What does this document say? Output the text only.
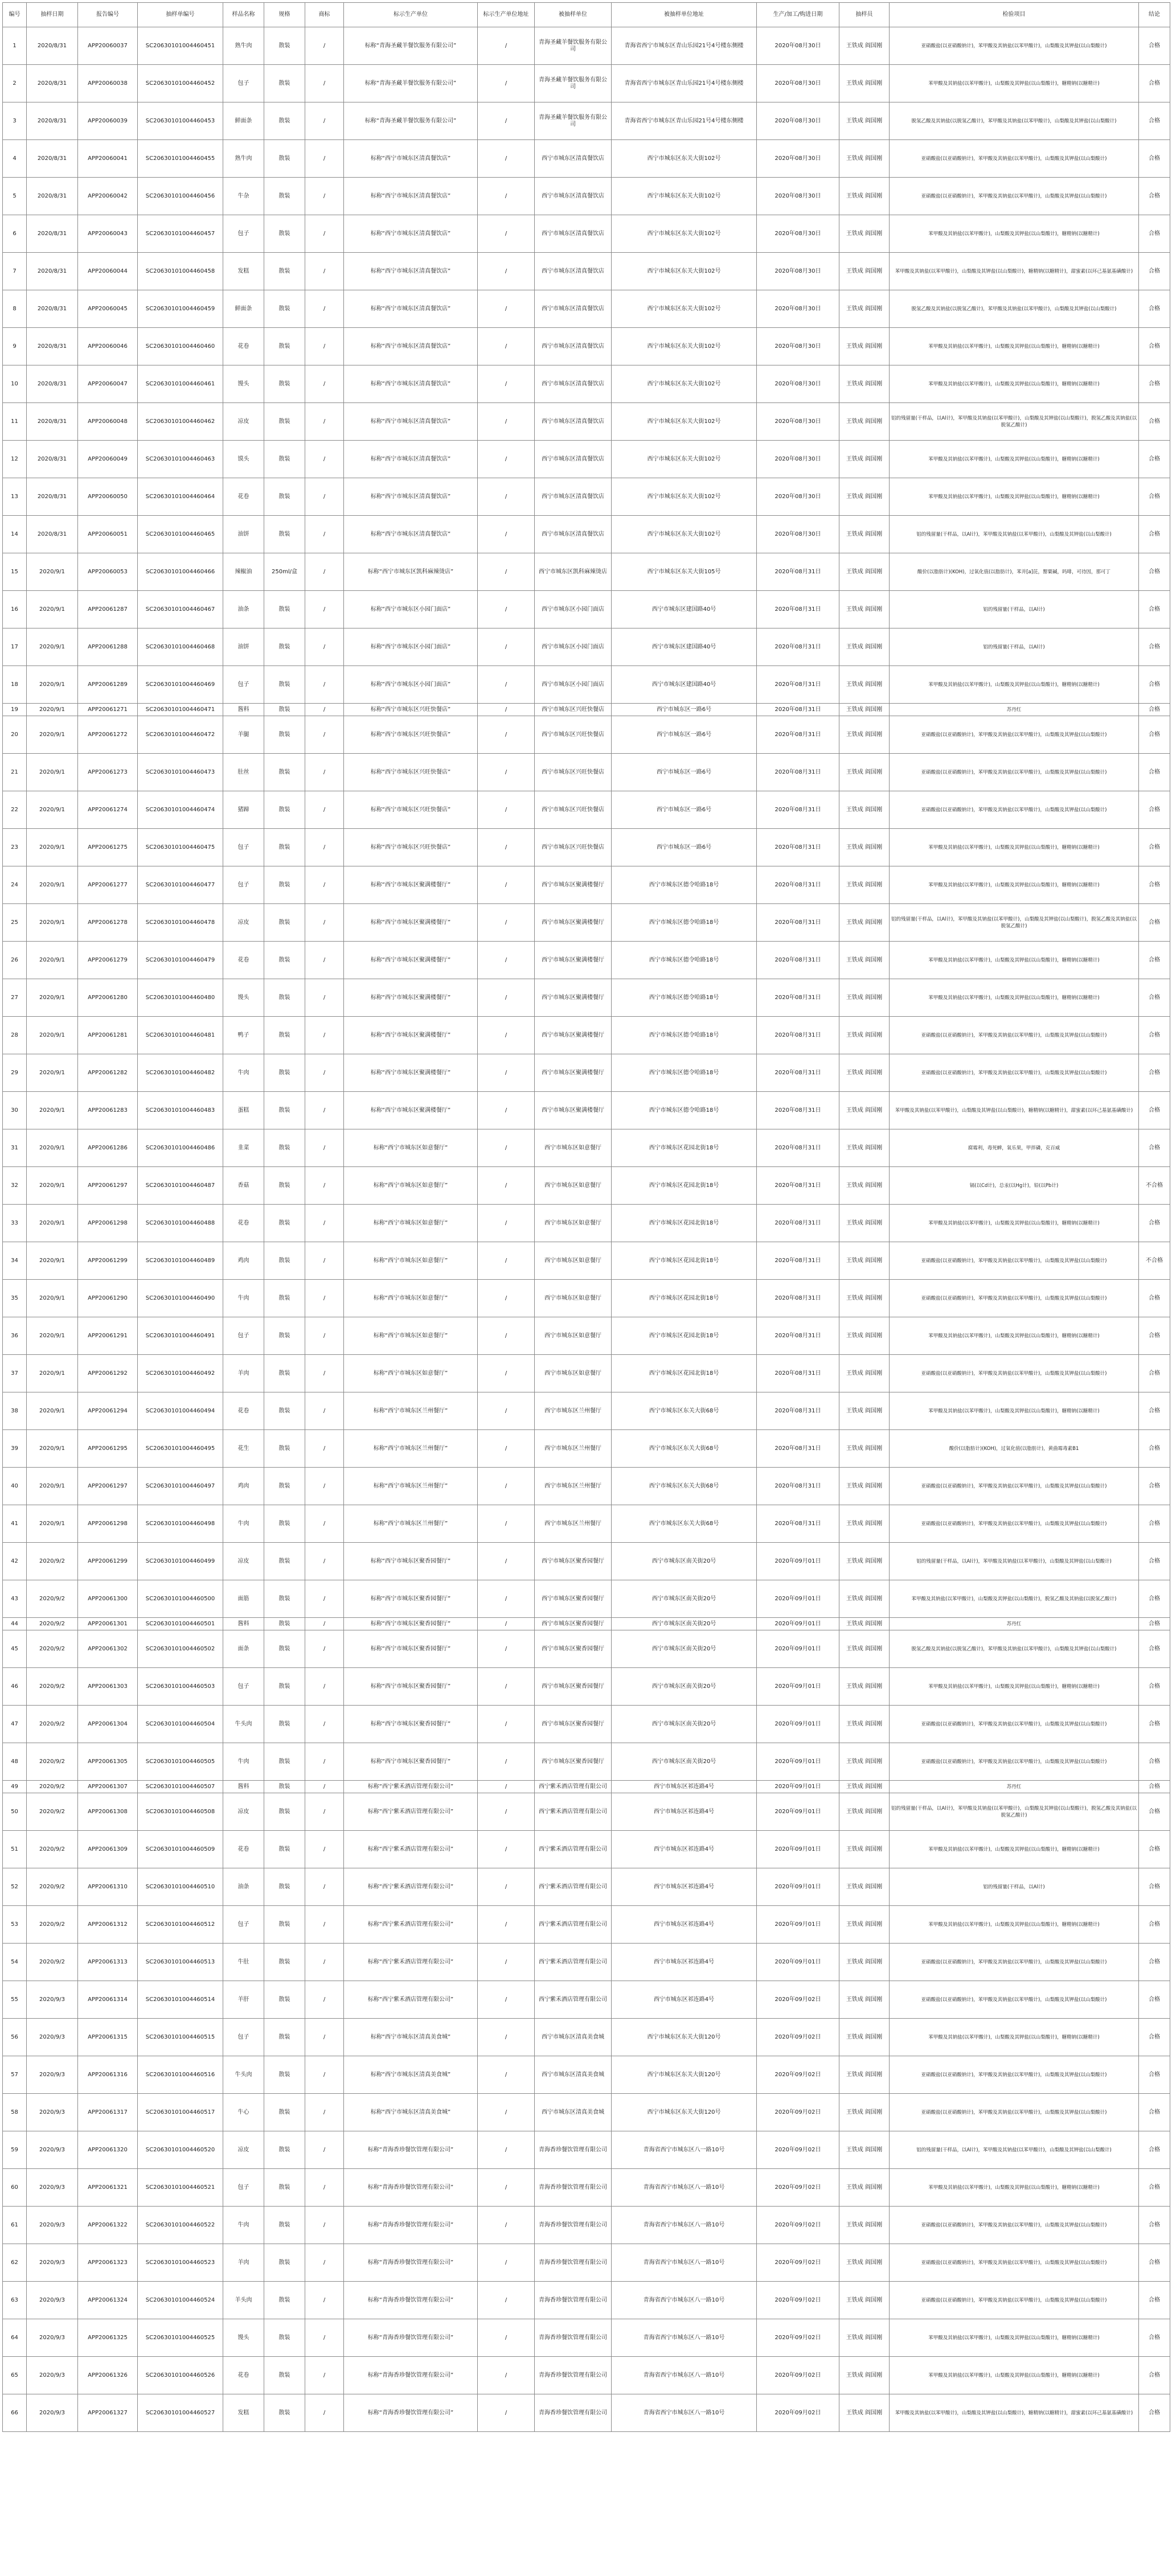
编号	抽样日期	报告编号	抽样单编号	样品名称	规格	商标	标示生产单位	标示生产单位地址	被抽样单位	被抽样单位地址	生产/加工/购进日期	抽样员	检验项目	结论
1	2020/8/31	APP20060037	SC20630101004460451	熟牛肉	散装	/	标称“青海圣藏羊餐饮服务有限公司”	/	青海圣藏羊餐饮服务有限公司	青海省西宁市城东区青山乐园21号4号楼东侧楼	2020年08月30日	王铁成 阎国刚	亚硝酸盐(以亚硝酸钠计)，苯甲酸及其钠盐(以苯甲酸计)，山梨酸及其钾盐(以山梨酸计)	合格
2	2020/8/31	APP20060038	SC20630101004460452	包子	散装	/	标称“青海圣藏羊餐饮服务有限公司”	/	青海圣藏羊餐饮服务有限公司	青海省西宁市城东区青山乐园21号4号楼东侧楼	2020年08月30日	王铁成 阎国刚	苯甲酸及其钠盐(以苯甲酸计)，山梨酸及其钾盐(以山梨酸计)，糖精钠(以糖精计)	合格
3	2020/8/31	APP20060039	SC20630101004460453	鲜面条	散装	/	标称“青海圣藏羊餐饮服务有限公司”	/	青海圣藏羊餐饮服务有限公司	青海省西宁市城东区青山乐园21号4号楼东侧楼	2020年08月30日	王铁成 阎国刚	脱氢乙酸及其钠盐(以脱氢乙酸计)，苯甲酸及其钠盐(以苯甲酸计)，山梨酸及其钾盐(以山梨酸计)	合格
4	2020/8/31	APP20060041	SC20630101004460455	熟牛肉	散装	/	标称“西宁市城东区清真餐饮店”	/	西宁市城东区清真餐饮店	西宁市城东区东关大街102号	2020年08月30日	王铁成 阎国刚	亚硝酸盐(以亚硝酸钠计)，苯甲酸及其钠盐(以苯甲酸计)，山梨酸及其钾盐(以山梨酸计)	合格
5	2020/8/31	APP20060042	SC20630101004460456	牛杂	散装	/	标称“西宁市城东区清真餐饮店”	/	西宁市城东区清真餐饮店	西宁市城东区东关大街102号	2020年08月30日	王铁成 阎国刚	亚硝酸盐(以亚硝酸钠计)，苯甲酸及其钠盐(以苯甲酸计)，山梨酸及其钾盐(以山梨酸计)	合格
6	2020/8/31	APP20060043	SC20630101004460457	包子	散装	/	标称“西宁市城东区清真餐饮店”	/	西宁市城东区清真餐饮店	西宁市城东区东关大街102号	2020年08月30日	王铁成 阎国刚	苯甲酸及其钠盐(以苯甲酸计)，山梨酸及其钾盐(以山梨酸计)，糖精钠(以糖精计)	合格
7	2020/8/31	APP20060044	SC20630101004460458	发糕	散装	/	标称“西宁市城东区清真餐饮店”	/	西宁市城东区清真餐饮店	西宁市城东区东关大街102号	2020年08月30日	王铁成 阎国刚	苯甲酸及其钠盐(以苯甲酸计)，山梨酸及其钾盐(以山梨酸计)，糖精钠(以糖精计)，甜蜜素(以环己基氨基磺酸计)	合格
8	2020/8/31	APP20060045	SC20630101004460459	鲜面条	散装	/	标称“西宁市城东区清真餐饮店”	/	西宁市城东区清真餐饮店	西宁市城东区东关大街102号	2020年08月30日	王铁成 阎国刚	脱氢乙酸及其钠盐(以脱氢乙酸计)，苯甲酸及其钠盐(以苯甲酸计)，山梨酸及其钾盐(以山梨酸计)	合格
9	2020/8/31	APP20060046	SC20630101004460460	花卷	散装	/	标称“西宁市城东区清真餐饮店”	/	西宁市城东区清真餐饮店	西宁市城东区东关大街102号	2020年08月30日	王铁成 阎国刚	苯甲酸及其钠盐(以苯甲酸计)，山梨酸及其钾盐(以山梨酸计)，糖精钠(以糖精计)	合格
10	2020/8/31	APP20060047	SC20630101004460461	馒头	散装	/	标称“西宁市城东区清真餐饮店”	/	西宁市城东区清真餐饮店	西宁市城东区东关大街102号	2020年08月30日	王铁成 阎国刚	苯甲酸及其钠盐(以苯甲酸计)，山梨酸及其钾盐(以山梨酸计)，糖精钠(以糖精计)	合格
11	2020/8/31	APP20060048	SC20630101004460462	凉皮	散装	/	标称“西宁市城东区清真餐饮店”	/	西宁市城东区清真餐饮店	西宁市城东区东关大街102号	2020年08月30日	王铁成 阎国刚	铝的残留量(干样品，以Al计)，苯甲酸及其钠盐(以苯甲酸计)，山梨酸及其钾盐(以山梨酸计)，脱氢乙酸及其钠盐(以脱氢乙酸计)	合格
12	2020/8/31	APP20060049	SC20630101004460463	馍头	散装	/	标称“西宁市城东区清真餐饮店”	/	西宁市城东区清真餐饮店	西宁市城东区东关大街102号	2020年08月30日	王铁成 阎国刚	苯甲酸及其钠盐(以苯甲酸计)，山梨酸及其钾盐(以山梨酸计)，糖精钠(以糖精计)	合格
13	2020/8/31	APP20060050	SC20630101004460464	花卷	散装	/	标称“西宁市城东区清真餐饮店”	/	西宁市城东区清真餐饮店	西宁市城东区东关大街102号	2020年08月30日	王铁成 阎国刚	苯甲酸及其钠盐(以苯甲酸计)，山梨酸及其钾盐(以山梨酸计)，糖精钠(以糖精计)	合格
14	2020/8/31	APP20060051	SC20630101004460465	油饼	散装	/	标称“西宁市城东区清真餐饮店”	/	西宁市城东区清真餐饮店	西宁市城东区东关大街102号	2020年08月30日	王铁成 阎国刚	铝的残留量(干样品，以Al计)，苯甲酸及其钠盐(以苯甲酸计)，山梨酸及其钾盐(以山梨酸计)	合格
15	2020/9/1	APP20060053	SC20630101004460466	辣椒油	250ml/盒	/	标称“西宁市城东区凯科麻辣烫店”	/	西宁市城东区凯科麻辣烫店	西宁市城东区东关大街105号	2020年08月31日	王铁成 阎国刚	酸价(以脂肪计)(KOH)，过氧化值(以脂肪计)，苯并[a]芘，罂粟碱，吗啡，可待因，那可丁	合格
16	2020/9/1	APP20061287	SC20630101004460467	油条	散装	/	标称“西宁市城东区小园门面店”	/	西宁市城东区小园门面店	西宁市城东区建国路40号	2020年08月31日	王铁成 阎国刚	铝的残留量(干样品，以Al计)	合格
17	2020/9/1	APP20061288	SC20630101004460468	油饼	散装	/	标称“西宁市城东区小园门面店”	/	西宁市城东区小园门面店	西宁市城东区建国路40号	2020年08月31日	王铁成 阎国刚	铝的残留量(干样品，以Al计)	合格
18	2020/9/1	APP20061289	SC20630101004460469	包子	散装	/	标称“西宁市城东区小园门面店”	/	西宁市城东区小园门面店	西宁市城东区建国路40号	2020年08月31日	王铁成 阎国刚	苯甲酸及其钠盐(以苯甲酸计)，山梨酸及其钾盐(以山梨酸计)，糖精钠(以糖精计)	合格
19	2020/9/1	APP20061271	SC20630101004460471	酱料	散装	/	标称“西宁市城东区兴旺快餐店”	/	西宁市城东区兴旺快餐店	西宁市城东区一路6号	2020年08月31日	王铁成 阎国刚	苏丹红	合格
20	2020/9/1	APP20061272	SC20630101004460472	羊腿	散装	/	标称“西宁市城东区兴旺快餐店”	/	西宁市城东区兴旺快餐店	西宁市城东区一路6号	2020年08月31日	王铁成 阎国刚	亚硝酸盐(以亚硝酸钠计)，苯甲酸及其钠盐(以苯甲酸计)，山梨酸及其钾盐(以山梨酸计)	合格
21	2020/9/1	APP20061273	SC20630101004460473	肚丝	散装	/	标称“西宁市城东区兴旺快餐店”	/	西宁市城东区兴旺快餐店	西宁市城东区一路6号	2020年08月31日	王铁成 阎国刚	亚硝酸盐(以亚硝酸钠计)，苯甲酸及其钠盐(以苯甲酸计)，山梨酸及其钾盐(以山梨酸计)	合格
22	2020/9/1	APP20061274	SC20630101004460474	猪蹄	散装	/	标称“西宁市城东区兴旺快餐店”	/	西宁市城东区兴旺快餐店	西宁市城东区一路6号	2020年08月31日	王铁成 阎国刚	亚硝酸盐(以亚硝酸钠计)，苯甲酸及其钠盐(以苯甲酸计)，山梨酸及其钾盐(以山梨酸计)	合格
23	2020/9/1	APP20061275	SC20630101004460475	包子	散装	/	标称“西宁市城东区兴旺快餐店”	/	西宁市城东区兴旺快餐店	西宁市城东区一路6号	2020年08月31日	王铁成 阎国刚	苯甲酸及其钠盐(以苯甲酸计)，山梨酸及其钾盐(以山梨酸计)，糖精钠(以糖精计)	合格
24	2020/9/1	APP20061277	SC20630101004460477	包子	散装	/	标称“西宁市城东区聚满楼餐厅”	/	西宁市城东区聚满楼餐厅	西宁市城东区德令哈路18号	2020年08月31日	王铁成 阎国刚	苯甲酸及其钠盐(以苯甲酸计)，山梨酸及其钾盐(以山梨酸计)，糖精钠(以糖精计)	合格
25	2020/9/1	APP20061278	SC20630101004460478	凉皮	散装	/	标称“西宁市城东区聚满楼餐厅”	/	西宁市城东区聚满楼餐厅	西宁市城东区德令哈路18号	2020年08月31日	王铁成 阎国刚	铝的残留量(干样品，以Al计)，苯甲酸及其钠盐(以苯甲酸计)，山梨酸及其钾盐(以山梨酸计)，脱氢乙酸及其钠盐(以脱氢乙酸计)	合格
26	2020/9/1	APP20061279	SC20630101004460479	花卷	散装	/	标称“西宁市城东区聚满楼餐厅”	/	西宁市城东区聚满楼餐厅	西宁市城东区德令哈路18号	2020年08月31日	王铁成 阎国刚	苯甲酸及其钠盐(以苯甲酸计)，山梨酸及其钾盐(以山梨酸计)，糖精钠(以糖精计)	合格
27	2020/9/1	APP20061280	SC20630101004460480	馒头	散装	/	标称“西宁市城东区聚满楼餐厅”	/	西宁市城东区聚满楼餐厅	西宁市城东区德令哈路18号	2020年08月31日	王铁成 阎国刚	苯甲酸及其钠盐(以苯甲酸计)，山梨酸及其钾盐(以山梨酸计)，糖精钠(以糖精计)	合格
28	2020/9/1	APP20061281	SC20630101004460481	鸭子	散装	/	标称“西宁市城东区聚满楼餐厅”	/	西宁市城东区聚满楼餐厅	西宁市城东区德令哈路18号	2020年08月31日	王铁成 阎国刚	亚硝酸盐(以亚硝酸钠计)，苯甲酸及其钠盐(以苯甲酸计)，山梨酸及其钾盐(以山梨酸计)	合格
29	2020/9/1	APP20061282	SC20630101004460482	牛肉	散装	/	标称“西宁市城东区聚满楼餐厅”	/	西宁市城东区聚满楼餐厅	西宁市城东区德令哈路18号	2020年08月31日	王铁成 阎国刚	亚硝酸盐(以亚硝酸钠计)，苯甲酸及其钠盐(以苯甲酸计)，山梨酸及其钾盐(以山梨酸计)	合格
30	2020/9/1	APP20061283	SC20630101004460483	蛋糕	散装	/	标称“西宁市城东区聚满楼餐厅”	/	西宁市城东区聚满楼餐厅	西宁市城东区德令哈路18号	2020年08月31日	王铁成 阎国刚	苯甲酸及其钠盐(以苯甲酸计)，山梨酸及其钾盐(以山梨酸计)，糖精钠(以糖精计)，甜蜜素(以环己基氨基磺酸计)	合格
31	2020/9/1	APP20061286	SC20630101004460486	韭菜	散装	/	标称“西宁市城东区如意餐厅”	/	西宁市城东区如意餐厅	西宁市城东区花园北街18号	2020年08月31日	王铁成 阎国刚	腐霉利，毒死蜱，氧乐果，甲拌磷，克百威	合格
32	2020/9/1	APP20061297	SC20630101004460487	香菇	散装	/	标称“西宁市城东区如意餐厅”	/	西宁市城东区如意餐厅	西宁市城东区花园北街18号	2020年08月31日	王铁成 阎国刚	镉(以Cd计)，总汞(以Hg计)，铅(以Pb计)	不合格
33	2020/9/1	APP20061298	SC20630101004460488	花卷	散装	/	标称“西宁市城东区如意餐厅”	/	西宁市城东区如意餐厅	西宁市城东区花园北街18号	2020年08月31日	王铁成 阎国刚	苯甲酸及其钠盐(以苯甲酸计)，山梨酸及其钾盐(以山梨酸计)，糖精钠(以糖精计)	合格
34	2020/9/1	APP20061299	SC20630101004460489	鸡肉	散装	/	标称“西宁市城东区如意餐厅”	/	西宁市城东区如意餐厅	西宁市城东区花园北街18号	2020年08月31日	王铁成 阎国刚	亚硝酸盐(以亚硝酸钠计)，苯甲酸及其钠盐(以苯甲酸计)，山梨酸及其钾盐(以山梨酸计)	不合格
35	2020/9/1	APP20061290	SC20630101004460490	牛肉	散装	/	标称“西宁市城东区如意餐厅”	/	西宁市城东区如意餐厅	西宁市城东区花园北街18号	2020年08月31日	王铁成 阎国刚	亚硝酸盐(以亚硝酸钠计)，苯甲酸及其钠盐(以苯甲酸计)，山梨酸及其钾盐(以山梨酸计)	合格
36	2020/9/1	APP20061291	SC20630101004460491	包子	散装	/	标称“西宁市城东区如意餐厅”	/	西宁市城东区如意餐厅	西宁市城东区花园北街18号	2020年08月31日	王铁成 阎国刚	苯甲酸及其钠盐(以苯甲酸计)，山梨酸及其钾盐(以山梨酸计)，糖精钠(以糖精计)	合格
37	2020/9/1	APP20061292	SC20630101004460492	羊肉	散装	/	标称“西宁市城东区如意餐厅”	/	西宁市城东区如意餐厅	西宁市城东区花园北街18号	2020年08月31日	王铁成 阎国刚	亚硝酸盐(以亚硝酸钠计)，苯甲酸及其钠盐(以苯甲酸计)，山梨酸及其钾盐(以山梨酸计)	合格
38	2020/9/1	APP20061294	SC20630101004460494	花卷	散装	/	标称“西宁市城东区兰州餐厅”	/	西宁市城东区兰州餐厅	西宁市城东区东关大街68号	2020年08月31日	王铁成 阎国刚	苯甲酸及其钠盐(以苯甲酸计)，山梨酸及其钾盐(以山梨酸计)，糖精钠(以糖精计)	合格
39	2020/9/1	APP20061295	SC20630101004460495	花生	散装	/	标称“西宁市城东区兰州餐厅”	/	西宁市城东区兰州餐厅	西宁市城东区东关大街68号	2020年08月31日	王铁成 阎国刚	酸价(以脂肪计)(KOH)，过氧化值(以脂肪计)，黄曲霉毒素B1	合格
40	2020/9/1	APP20061297	SC20630101004460497	鸡肉	散装	/	标称“西宁市城东区兰州餐厅”	/	西宁市城东区兰州餐厅	西宁市城东区东关大街68号	2020年08月31日	王铁成 阎国刚	亚硝酸盐(以亚硝酸钠计)，苯甲酸及其钠盐(以苯甲酸计)，山梨酸及其钾盐(以山梨酸计)	合格
41	2020/9/1	APP20061298	SC20630101004460498	牛肉	散装	/	标称“西宁市城东区兰州餐厅”	/	西宁市城东区兰州餐厅	西宁市城东区东关大街68号	2020年08月31日	王铁成 阎国刚	亚硝酸盐(以亚硝酸钠计)，苯甲酸及其钠盐(以苯甲酸计)，山梨酸及其钾盐(以山梨酸计)	合格
42	2020/9/2	APP20061299	SC20630101004460499	凉皮	散装	/	标称“西宁市城东区聚香园餐厅”	/	西宁市城东区聚香园餐厅	西宁市城东区南关街20号	2020年09月01日	王铁成 阎国刚	铝的残留量(干样品，以Al计)，苯甲酸及其钠盐(以苯甲酸计)，山梨酸及其钾盐(以山梨酸计)	合格
43	2020/9/2	APP20061300	SC20630101004460500	面筋	散装	/	标称“西宁市城东区聚香园餐厅”	/	西宁市城东区聚香园餐厅	西宁市城东区南关街20号	2020年09月01日	王铁成 阎国刚	苯甲酸及其钠盐(以苯甲酸计)，山梨酸及其钾盐(以山梨酸计)，脱氢乙酸及其钠盐(以脱氢乙酸计)	合格
44	2020/9/2	APP20061301	SC20630101004460501	酱料	散装	/	标称“西宁市城东区聚香园餐厅”	/	西宁市城东区聚香园餐厅	西宁市城东区南关街20号	2020年09月01日	王铁成 阎国刚	苏丹红	合格
45	2020/9/2	APP20061302	SC20630101004460502	面条	散装	/	标称“西宁市城东区聚香园餐厅”	/	西宁市城东区聚香园餐厅	西宁市城东区南关街20号	2020年09月01日	王铁成 阎国刚	脱氢乙酸及其钠盐(以脱氢乙酸计)，苯甲酸及其钠盐(以苯甲酸计)，山梨酸及其钾盐(以山梨酸计)	合格
46	2020/9/2	APP20061303	SC20630101004460503	包子	散装	/	标称“西宁市城东区聚香园餐厅”	/	西宁市城东区聚香园餐厅	西宁市城东区南关街20号	2020年09月01日	王铁成 阎国刚	苯甲酸及其钠盐(以苯甲酸计)，山梨酸及其钾盐(以山梨酸计)，糖精钠(以糖精计)	合格
47	2020/9/2	APP20061304	SC20630101004460504	牛头肉	散装	/	标称“西宁市城东区聚香园餐厅”	/	西宁市城东区聚香园餐厅	西宁市城东区南关街20号	2020年09月01日	王铁成 阎国刚	亚硝酸盐(以亚硝酸钠计)，苯甲酸及其钠盐(以苯甲酸计)，山梨酸及其钾盐(以山梨酸计)	合格
48	2020/9/2	APP20061305	SC20630101004460505	牛肉	散装	/	标称“西宁市城东区聚香园餐厅”	/	西宁市城东区聚香园餐厅	西宁市城东区南关街20号	2020年09月01日	王铁成 阎国刚	亚硝酸盐(以亚硝酸钠计)，苯甲酸及其钠盐(以苯甲酸计)，山梨酸及其钾盐(以山梨酸计)	合格
49	2020/9/2	APP20061307	SC20630101004460507	酱料	散装	/	标称“西宁紫禾酒店管理有限公司”	/	西宁紫禾酒店管理有限公司	西宁市城东区祁连路4号	2020年09月01日	王铁成 阎国刚	苏丹红	合格
50	2020/9/2	APP20061308	SC20630101004460508	凉皮	散装	/	标称“西宁紫禾酒店管理有限公司”	/	西宁紫禾酒店管理有限公司	西宁市城东区祁连路4号	2020年09月01日	王铁成 阎国刚	铝的残留量(干样品，以Al计)，苯甲酸及其钠盐(以苯甲酸计)，山梨酸及其钾盐(以山梨酸计)，脱氢乙酸及其钠盐(以脱氢乙酸计)	合格
51	2020/9/2	APP20061309	SC20630101004460509	花卷	散装	/	标称“西宁紫禾酒店管理有限公司”	/	西宁紫禾酒店管理有限公司	西宁市城东区祁连路4号	2020年09月01日	王铁成 阎国刚	苯甲酸及其钠盐(以苯甲酸计)，山梨酸及其钾盐(以山梨酸计)，糖精钠(以糖精计)	合格
52	2020/9/2	APP20061310	SC20630101004460510	油条	散装	/	标称“西宁紫禾酒店管理有限公司”	/	西宁紫禾酒店管理有限公司	西宁市城东区祁连路4号	2020年09月01日	王铁成 阎国刚	铝的残留量(干样品，以Al计)	合格
53	2020/9/2	APP20061312	SC20630101004460512	包子	散装	/	标称“西宁紫禾酒店管理有限公司”	/	西宁紫禾酒店管理有限公司	西宁市城东区祁连路4号	2020年09月01日	王铁成 阎国刚	苯甲酸及其钠盐(以苯甲酸计)，山梨酸及其钾盐(以山梨酸计)，糖精钠(以糖精计)	合格
54	2020/9/2	APP20061313	SC20630101004460513	牛肚	散装	/	标称“西宁紫禾酒店管理有限公司”	/	西宁紫禾酒店管理有限公司	西宁市城东区祁连路4号	2020年09月01日	王铁成 阎国刚	亚硝酸盐(以亚硝酸钠计)，苯甲酸及其钠盐(以苯甲酸计)，山梨酸及其钾盐(以山梨酸计)	合格
55	2020/9/3	APP20061314	SC20630101004460514	羊肝	散装	/	标称“西宁紫禾酒店管理有限公司”	/	西宁紫禾酒店管理有限公司	西宁市城东区祁连路4号	2020年09月02日	王铁成 阎国刚	亚硝酸盐(以亚硝酸钠计)，苯甲酸及其钠盐(以苯甲酸计)，山梨酸及其钾盐(以山梨酸计)	合格
56	2020/9/3	APP20061315	SC20630101004460515	包子	散装	/	标称“西宁市城东区清真美食城”	/	西宁市城东区清真美食城	西宁市城东区东关大街120号	2020年09月02日	王铁成 阎国刚	苯甲酸及其钠盐(以苯甲酸计)，山梨酸及其钾盐(以山梨酸计)，糖精钠(以糖精计)	合格
57	2020/9/3	APP20061316	SC20630101004460516	牛头肉	散装	/	标称“西宁市城东区清真美食城”	/	西宁市城东区清真美食城	西宁市城东区东关大街120号	2020年09月02日	王铁成 阎国刚	亚硝酸盐(以亚硝酸钠计)，苯甲酸及其钠盐(以苯甲酸计)，山梨酸及其钾盐(以山梨酸计)	合格
58	2020/9/3	APP20061317	SC20630101004460517	牛心	散装	/	标称“西宁市城东区清真美食城”	/	西宁市城东区清真美食城	西宁市城东区东关大街120号	2020年09月02日	王铁成 阎国刚	亚硝酸盐(以亚硝酸钠计)，苯甲酸及其钠盐(以苯甲酸计)，山梨酸及其钾盐(以山梨酸计)	合格
59	2020/9/3	APP20061320	SC20630101004460520	凉皮	散装	/	标称“青海香珍餐饮管理有限公司”	/	青海香珍餐饮管理有限公司	青海省西宁市城东区八一路10号	2020年09月02日	王铁成 阎国刚	铝的残留量(干样品，以Al计)，苯甲酸及其钠盐(以苯甲酸计)，山梨酸及其钾盐(以山梨酸计)	合格
60	2020/9/3	APP20061321	SC20630101004460521	包子	散装	/	标称“青海香珍餐饮管理有限公司”	/	青海香珍餐饮管理有限公司	青海省西宁市城东区八一路10号	2020年09月02日	王铁成 阎国刚	苯甲酸及其钠盐(以苯甲酸计)，山梨酸及其钾盐(以山梨酸计)，糖精钠(以糖精计)	合格
61	2020/9/3	APP20061322	SC20630101004460522	牛肉	散装	/	标称“青海香珍餐饮管理有限公司”	/	青海香珍餐饮管理有限公司	青海省西宁市城东区八一路10号	2020年09月02日	王铁成 阎国刚	亚硝酸盐(以亚硝酸钠计)，苯甲酸及其钠盐(以苯甲酸计)，山梨酸及其钾盐(以山梨酸计)	合格
62	2020/9/3	APP20061323	SC20630101004460523	羊肉	散装	/	标称“青海香珍餐饮管理有限公司”	/	青海香珍餐饮管理有限公司	青海省西宁市城东区八一路10号	2020年09月02日	王铁成 阎国刚	亚硝酸盐(以亚硝酸钠计)，苯甲酸及其钠盐(以苯甲酸计)，山梨酸及其钾盐(以山梨酸计)	合格
63	2020/9/3	APP20061324	SC20630101004460524	羊头肉	散装	/	标称“青海香珍餐饮管理有限公司”	/	青海香珍餐饮管理有限公司	青海省西宁市城东区八一路10号	2020年09月02日	王铁成 阎国刚	亚硝酸盐(以亚硝酸钠计)，苯甲酸及其钠盐(以苯甲酸计)，山梨酸及其钾盐(以山梨酸计)	合格
64	2020/9/3	APP20061325	SC20630101004460525	馒头	散装	/	标称“青海香珍餐饮管理有限公司”	/	青海香珍餐饮管理有限公司	青海省西宁市城东区八一路10号	2020年09月02日	王铁成 阎国刚	苯甲酸及其钠盐(以苯甲酸计)，山梨酸及其钾盐(以山梨酸计)，糖精钠(以糖精计)	合格
65	2020/9/3	APP20061326	SC20630101004460526	花卷	散装	/	标称“青海香珍餐饮管理有限公司”	/	青海香珍餐饮管理有限公司	青海省西宁市城东区八一路10号	2020年09月02日	王铁成 阎国刚	苯甲酸及其钠盐(以苯甲酸计)，山梨酸及其钾盐(以山梨酸计)，糖精钠(以糖精计)	合格
66	2020/9/3	APP20061327	SC20630101004460527	发糕	散装	/	标称“青海香珍餐饮管理有限公司”	/	青海香珍餐饮管理有限公司	青海省西宁市城东区八一路10号	2020年09月02日	王铁成 阎国刚	苯甲酸及其钠盐(以苯甲酸计)，山梨酸及其钾盐(以山梨酸计)，糖精钠(以糖精计)，甜蜜素(以环己基氨基磺酸计)	合格
